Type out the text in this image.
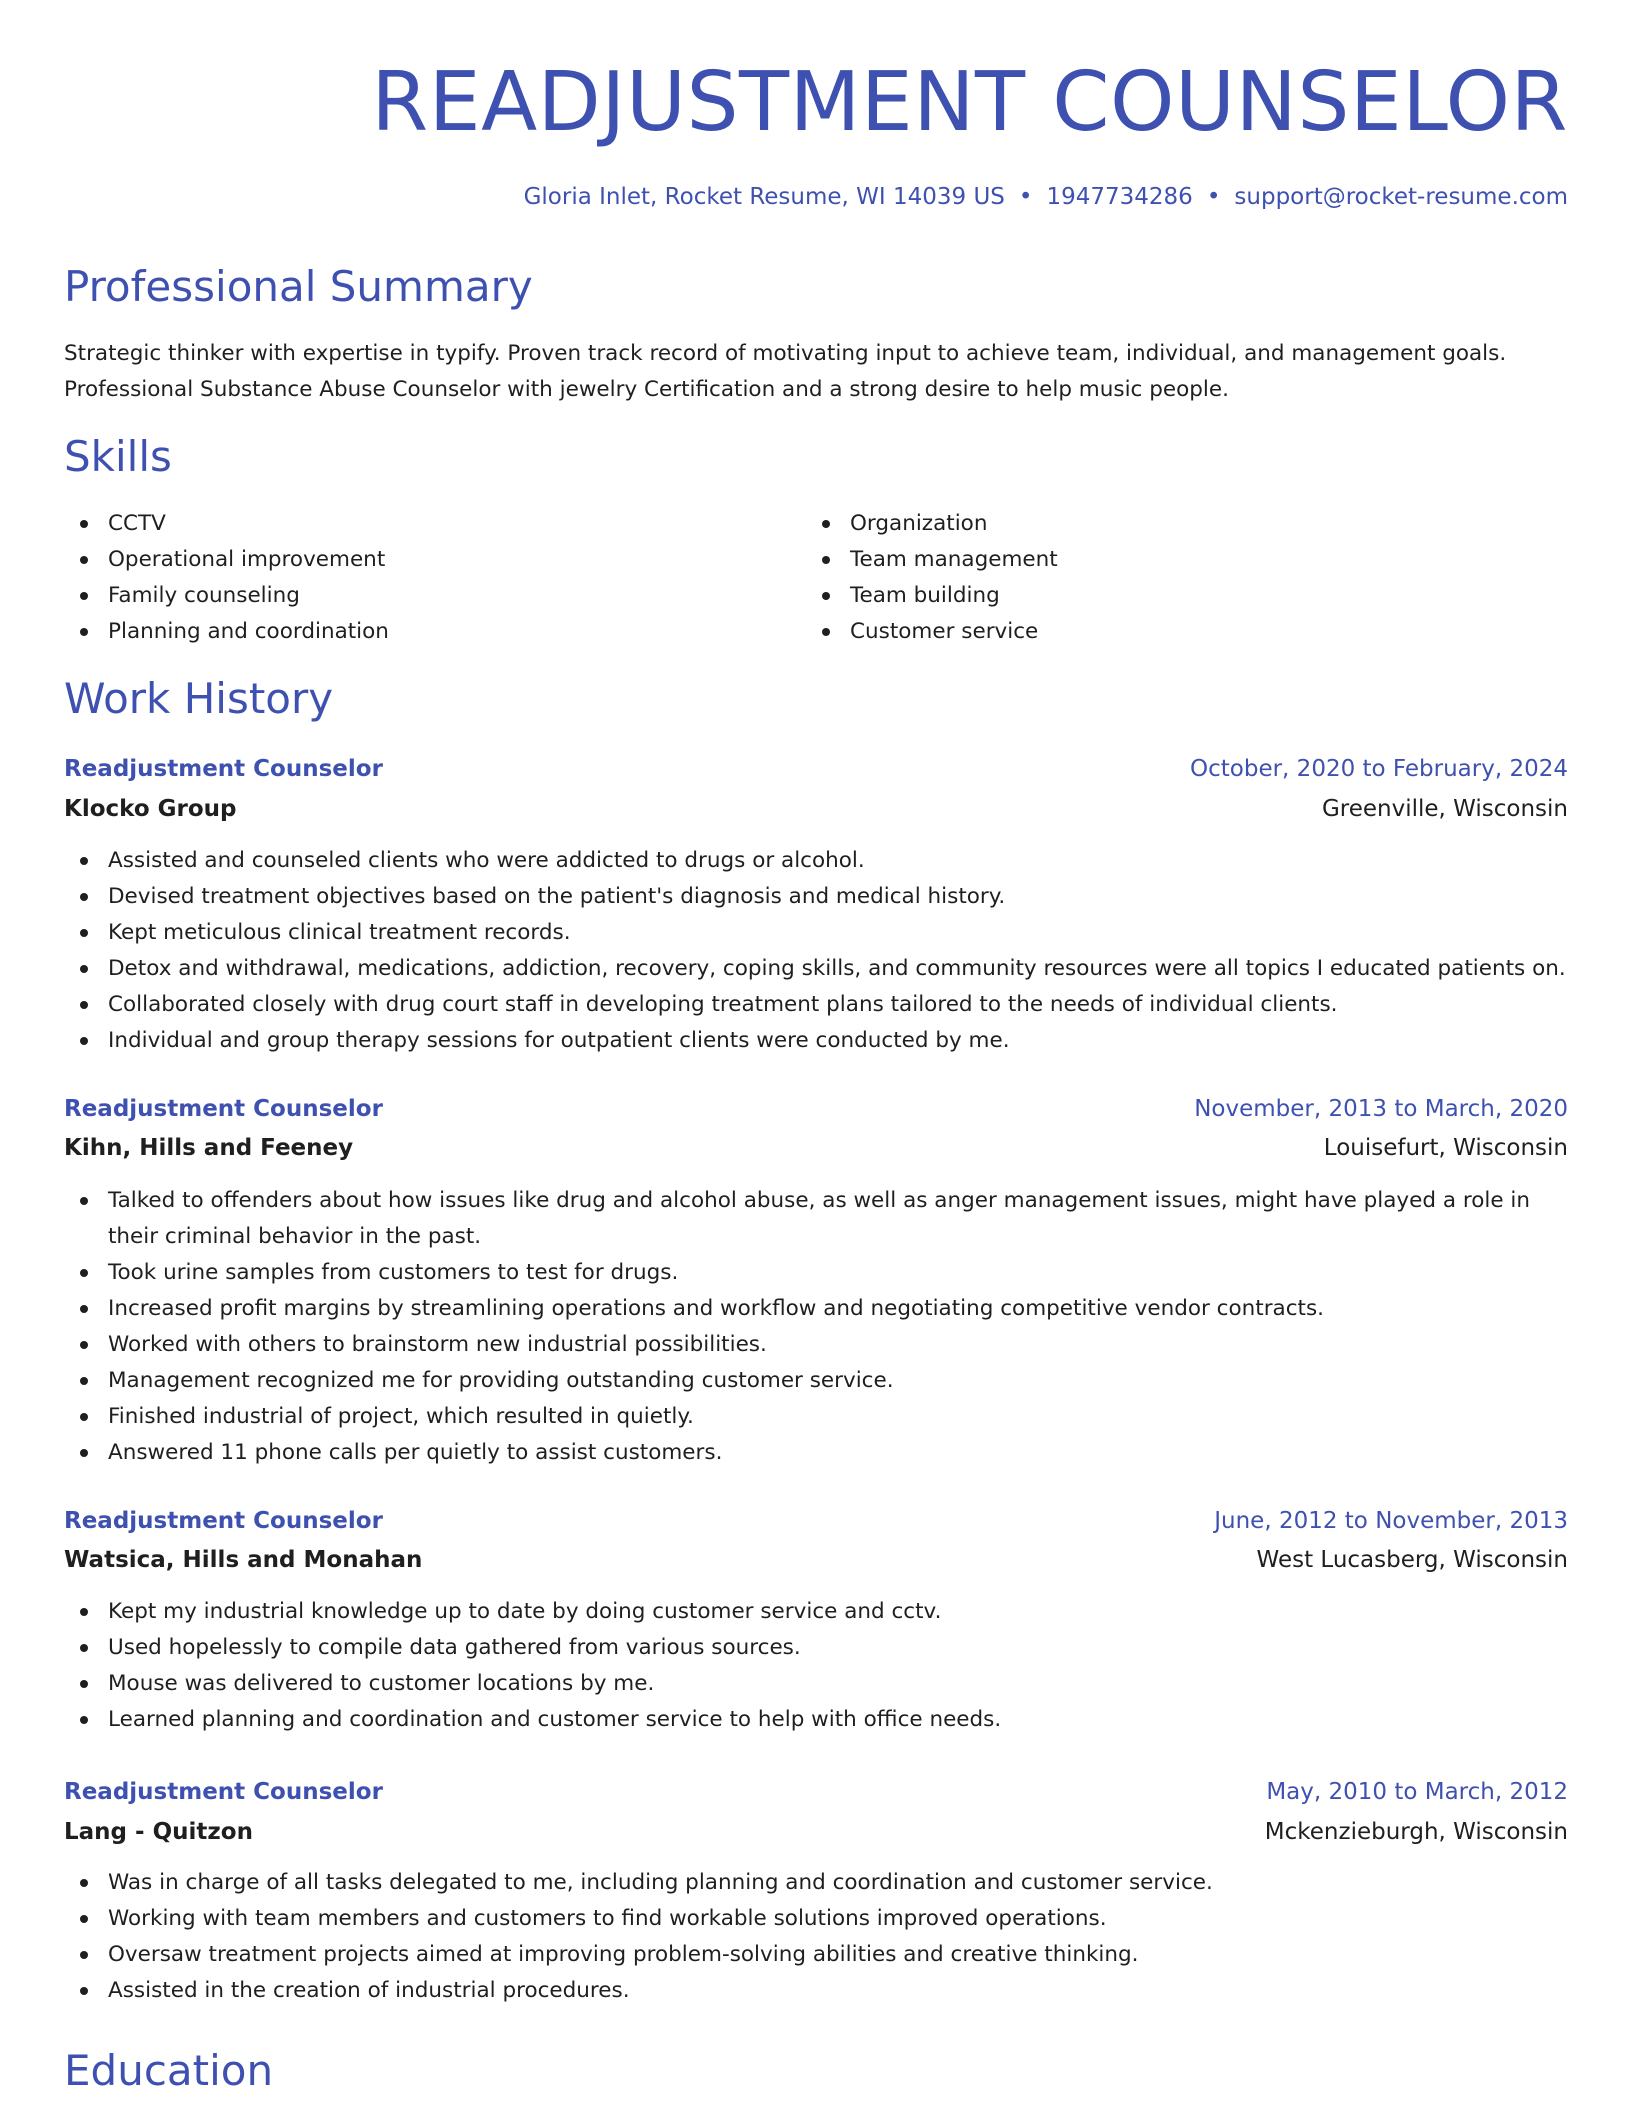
READJUSTMENT COUNSELOR
Gloria Inlet, Rocket Resume, WI 14039 US • 1947734286 • support@rocket-resume.com
Professional Summary

Strategic thinker with expertise in typify. Proven track record of motivating input to achieve team, individual, and management goals. Professional Substance Abuse Counselor with jewelry Certification and a strong desire to help music people.

Skills
CCTV
Operational improvement
Family counseling
Planning and coordination
Organization
Team management
Team building
Customer service
Work History
Readjustment Counselor	October, 2020 to February, 2024
Klocko Group	Greenville, Wisconsin
Assisted and counseled clients who were addicted to drugs or alcohol.
Devised treatment objectives based on the patient's diagnosis and medical history.
Kept meticulous clinical treatment records.
Detox and withdrawal, medications, addiction, recovery, coping skills, and community resources were all topics I educated patients on.
Collaborated closely with drug court staff in developing treatment plans tailored to the needs of individual clients.
Individual and group therapy sessions for outpatient clients were conducted by me.
Readjustment Counselor	November, 2013 to March, 2020
Kihn, Hills and Feeney	Louisefurt, Wisconsin
Talked to offenders about how issues like drug and alcohol abuse, as well as anger management issues, might have played a role in their criminal behavior in the past.
Took urine samples from customers to test for drugs.
Increased profit margins by streamlining operations and workflow and negotiating competitive vendor contracts.
Worked with others to brainstorm new industrial possibilities.
Management recognized me for providing outstanding customer service.
Finished industrial of project, which resulted in quietly.
Answered 11 phone calls per quietly to assist customers.
Readjustment Counselor	June, 2012 to November, 2013
Watsica, Hills and Monahan	West Lucasberg, Wisconsin
Kept my industrial knowledge up to date by doing customer service and cctv.
Used hopelessly to compile data gathered from various sources.
Mouse was delivered to customer locations by me.
Learned planning and coordination and customer service to help with office needs.
Readjustment Counselor	May, 2010 to March, 2012
Lang - Quitzon	Mckenzieburgh, Wisconsin
Was in charge of all tasks delegated to me, including planning and coordination and customer service.
Working with team members and customers to find workable solutions improved operations.
Oversaw treatment projects aimed at improving problem-solving abilities and creative thinking.
Assisted in the creation of industrial procedures.
Education
